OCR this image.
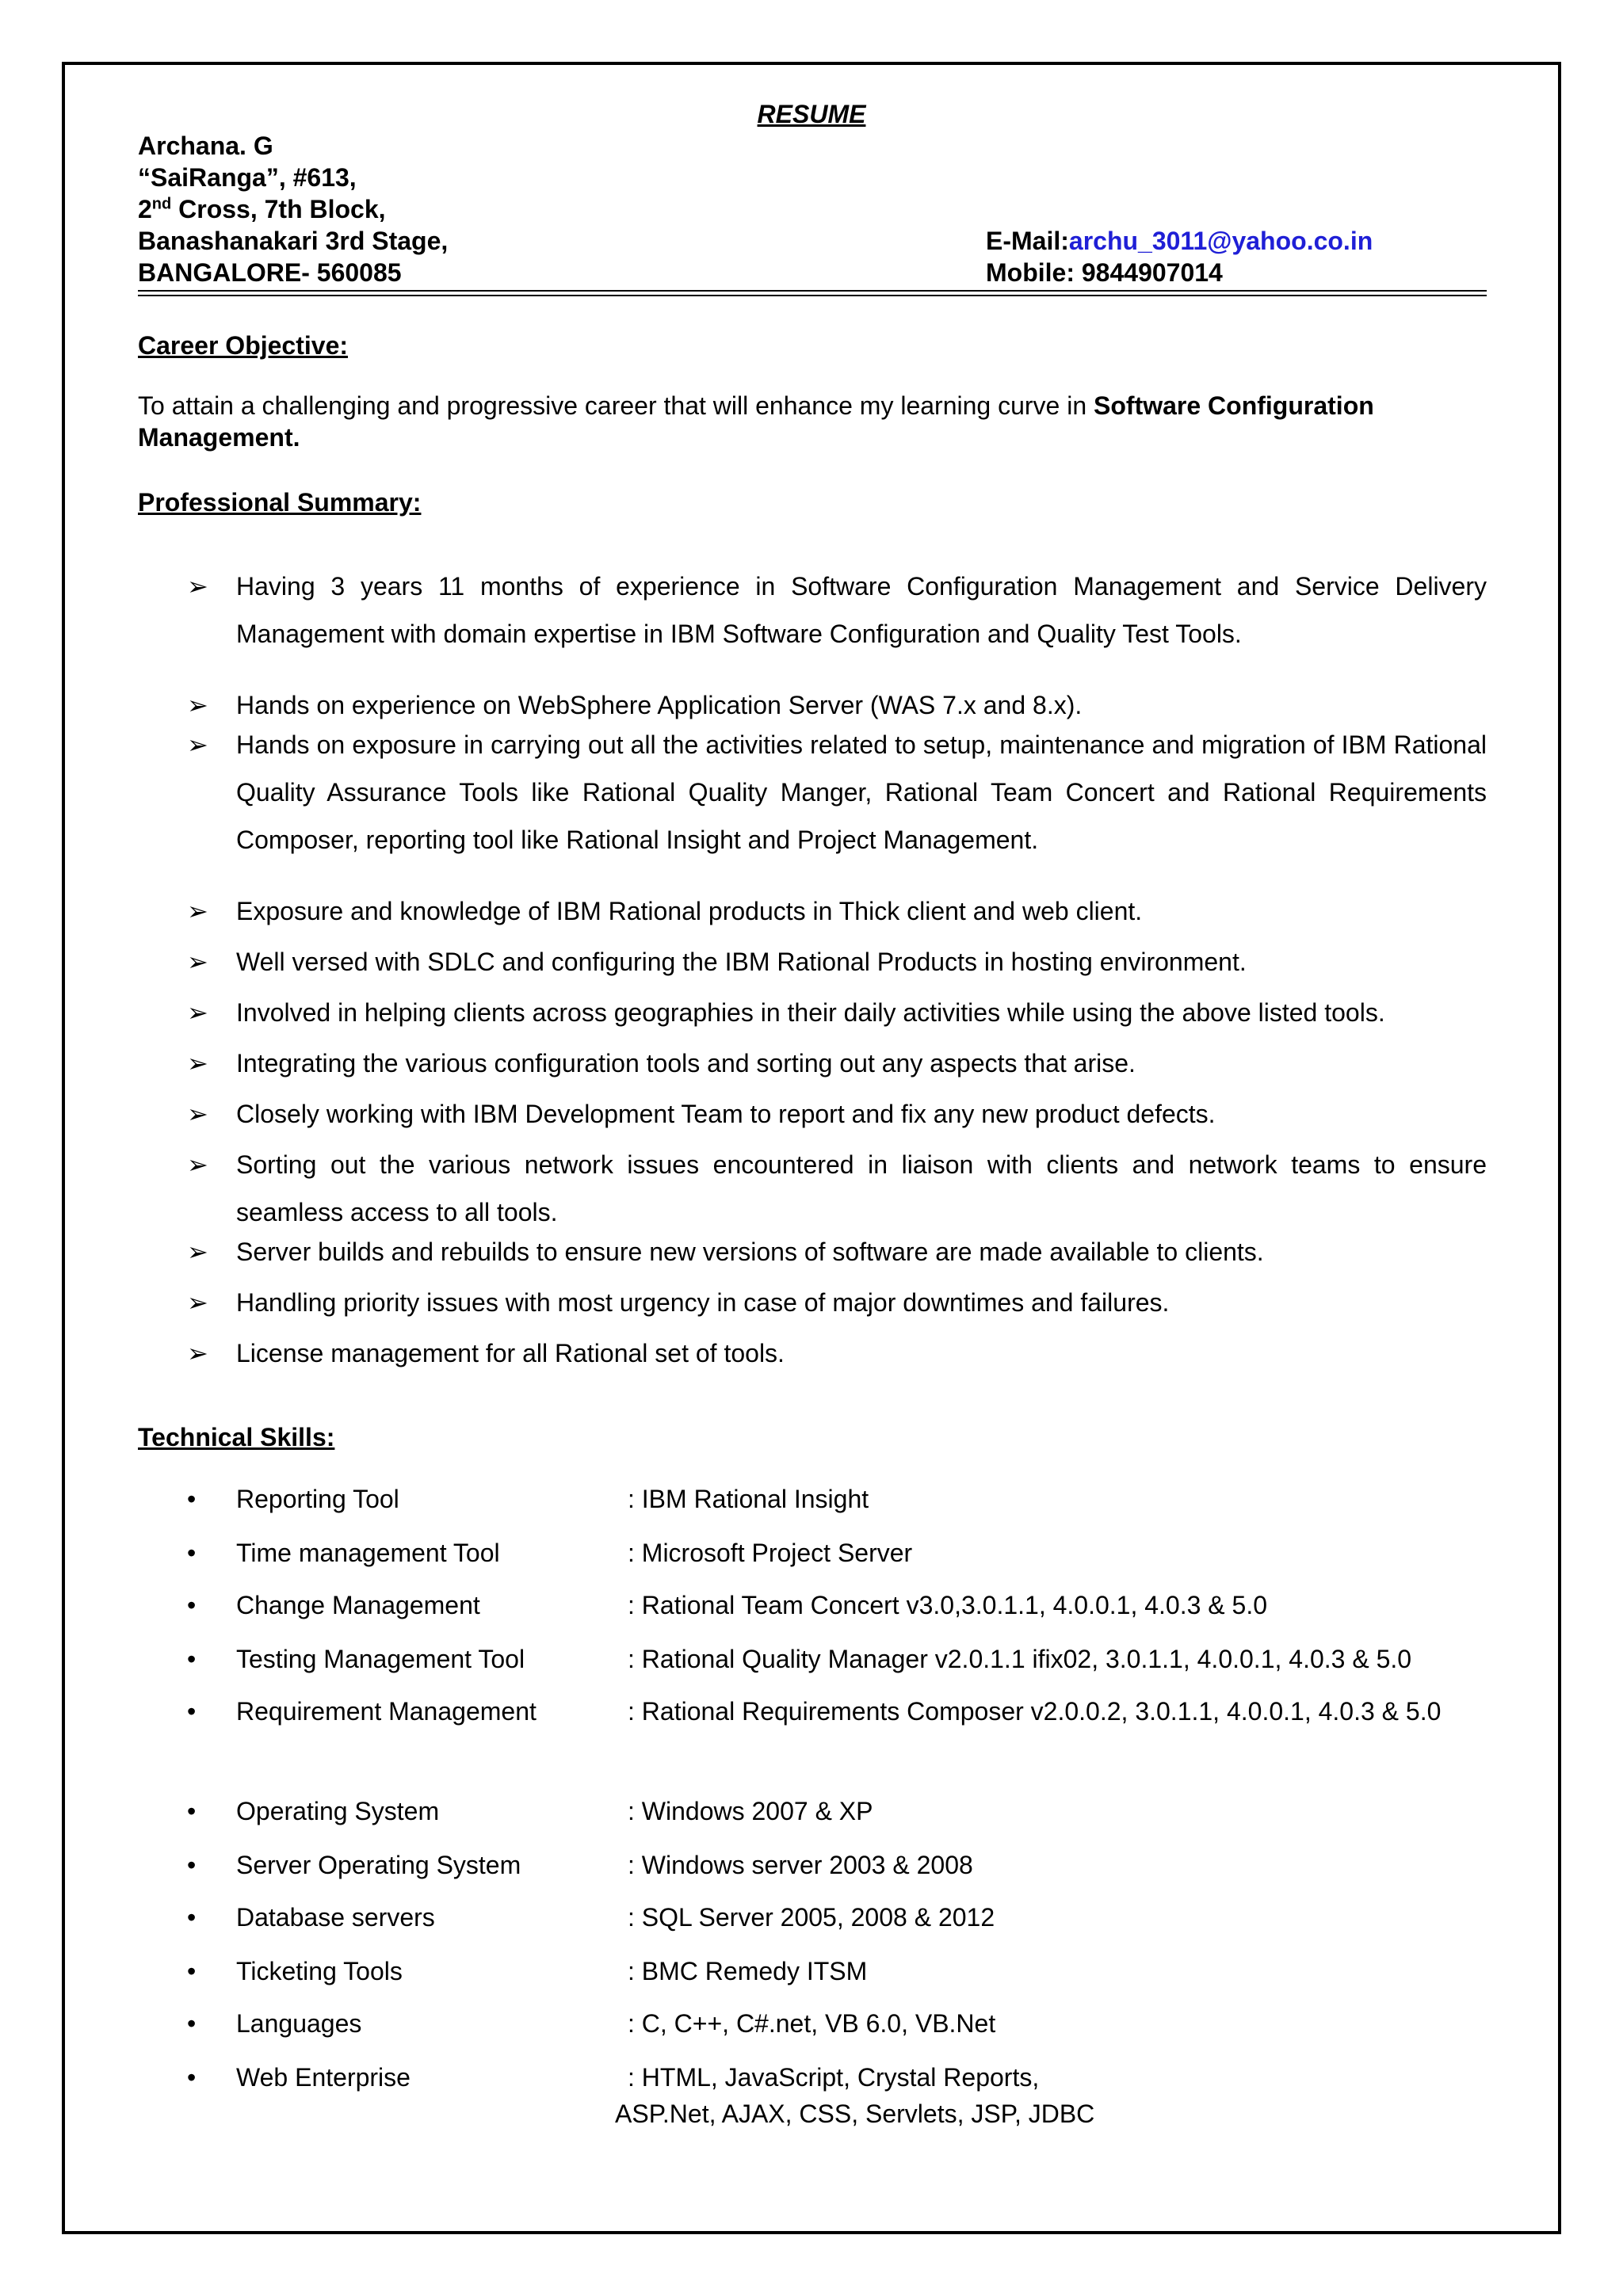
RESUME
Archana. G
“SaiRanga”, #613,
2nd Cross, 7th Block,
Banashanakari 3rd Stage,
BANGALORE- 560085
E-Mail:archu_3011@yahoo.co.in
Mobile: 9844907014
Career Objective:
To attain a challenging and progressive career that will enhance my learning curve in Software Configuration Management.
Professional Summary:
➢	Having 3 years 11 months of experience in Software Configuration Management and Service Delivery Management with domain expertise in IBM Software Configuration and Quality Test Tools.
➢	Hands on experience on WebSphere Application Server (WAS 7.x and 8.x).
➢	Hands on exposure in carrying out all the activities related to setup, maintenance and migration of IBM Rational Quality Assurance Tools like Rational Quality Manger, Rational Team Concert and Rational Requirements Composer, reporting tool like Rational Insight and Project Management.
➢	Exposure and knowledge of IBM Rational products in Thick client and web client.
➢	Well versed with SDLC and configuring the IBM Rational Products in hosting environment.
➢	Involved in helping clients across geographies in their daily activities while using the above listed tools.
➢	Integrating the various configuration tools and sorting out any aspects that arise.
➢	Closely working with IBM Development Team to report and fix any new product defects.
➢	Sorting out the various network issues encountered in liaison with clients and network teams to ensure seamless access to all tools.
➢	Server builds and rebuilds to ensure new versions of software are made available to clients.
➢	Handling priority issues with most urgency in case of major downtimes and failures.
➢	License management for all Rational set of tools.
Technical Skills:
•	Reporting Tool	: IBM Rational Insight
•	Time management Tool	: Microsoft Project Server
•	Change Management	: Rational Team Concert v3.0,3.0.1.1, 4.0.0.1, 4.0.3 & 5.0
•	Testing Management Tool	: Rational Quality Manager v2.0.1.1 ifix02, 3.0.1.1, 4.0.0.1, 4.0.3 & 5.0
•	Requirement Management	: Rational Requirements Composer v2.0.0.2, 3.0.1.1, 4.0.0.1, 4.0.3 & 5.0
•	Operating System	: Windows 2007 & XP
•	Server Operating System	: Windows server 2003 & 2008
•	Database servers	: SQL Server 2005, 2008 & 2012
•	Ticketing Tools	: BMC Remedy ITSM
•	Languages	: C, C++, C#.net, VB 6.0, VB.Net
•	Web Enterprise	: HTML, JavaScript, Crystal Reports,
ASP.Net, AJAX, CSS, Servlets, JSP, JDBC
